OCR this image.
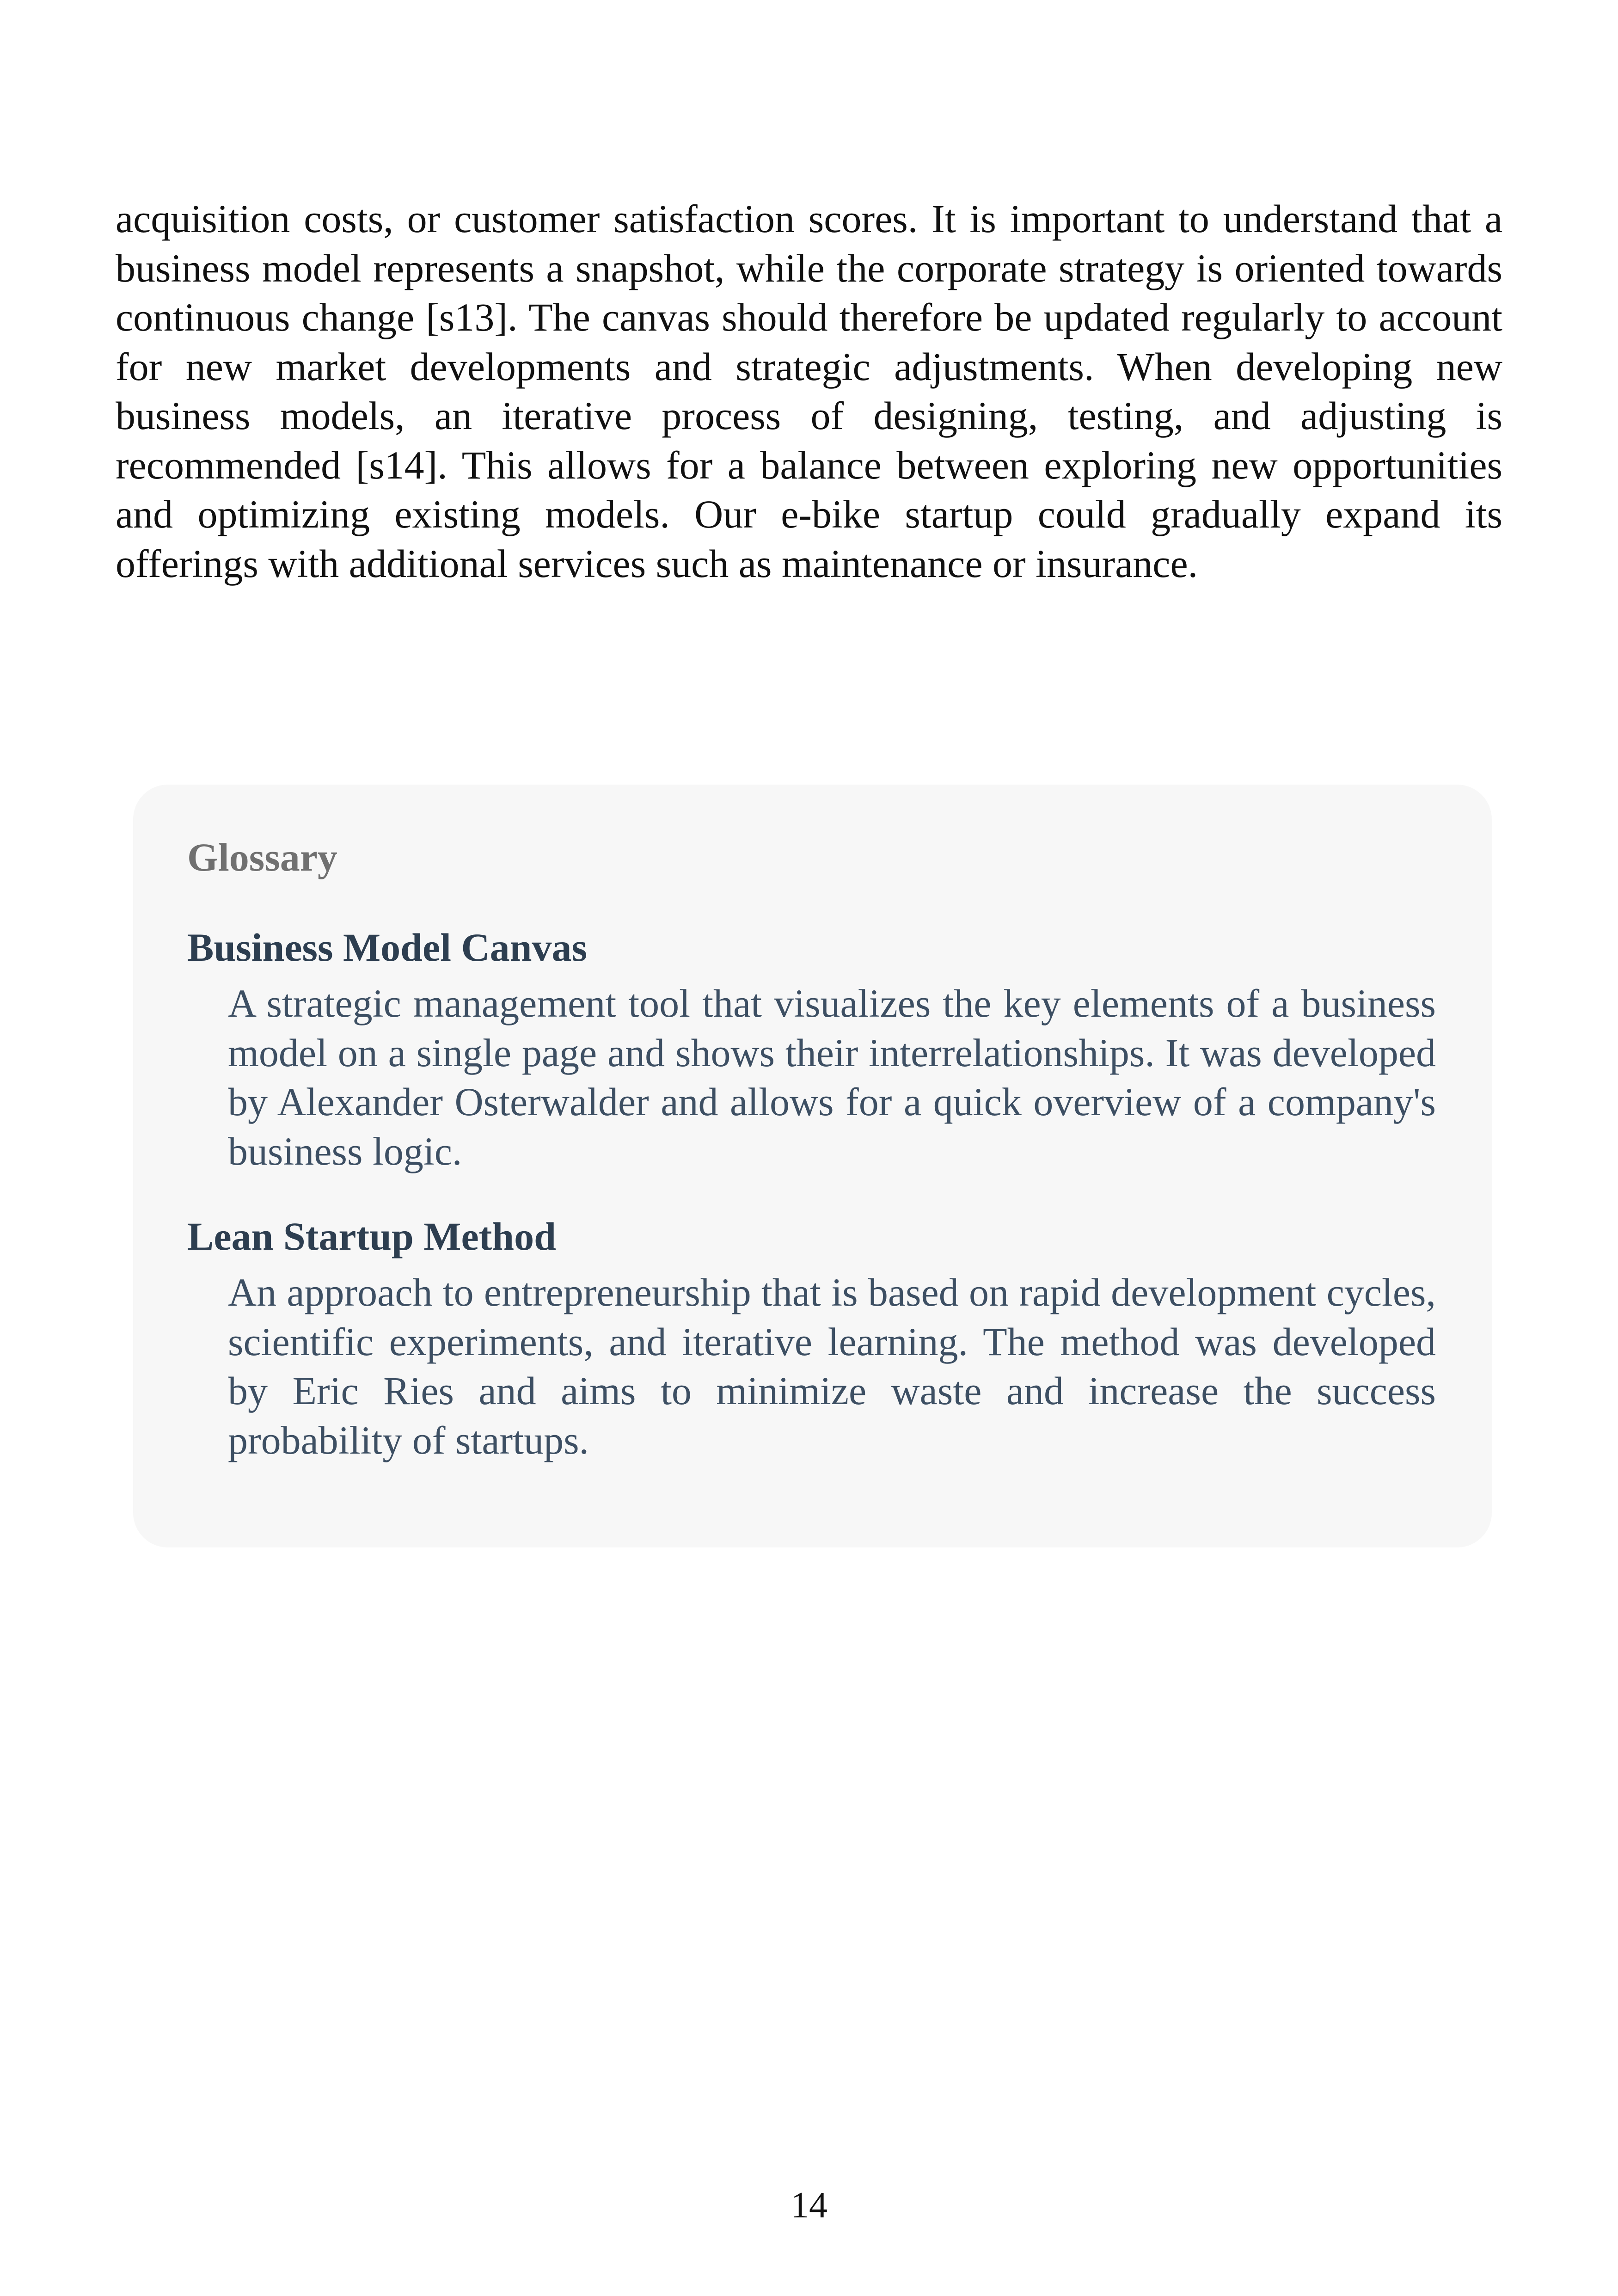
acquisition costs, or customer satisfaction scores. It is important to understand that a business model represents a snapshot, while the corporate strategy is oriented towards continuous change [s13]. The canvas should therefore be updated regularly to account for new market developments and strategic adjustments. When developing new business models, an iterative process of designing, testing, and adjusting is recommended [s14]. This allows for a balance between exploring new opportunities and optimizing existing models. Our e-bike startup could gradually expand its offerings with additional services such as maintenance or insurance.

Glossary
Business Model Canvas

A strategic management tool that visualizes the key elements of a business model on a single page and shows their interrelationships. It was developed by Alexander Osterwalder and allows for a quick overview of a company's business logic.

Lean Startup Method

An approach to entrepreneurship that is based on rapid development cycles, scientific experiments, and iterative learning. The method was developed by Eric Ries and aims to minimize waste and increase the success probability of startups.

14
